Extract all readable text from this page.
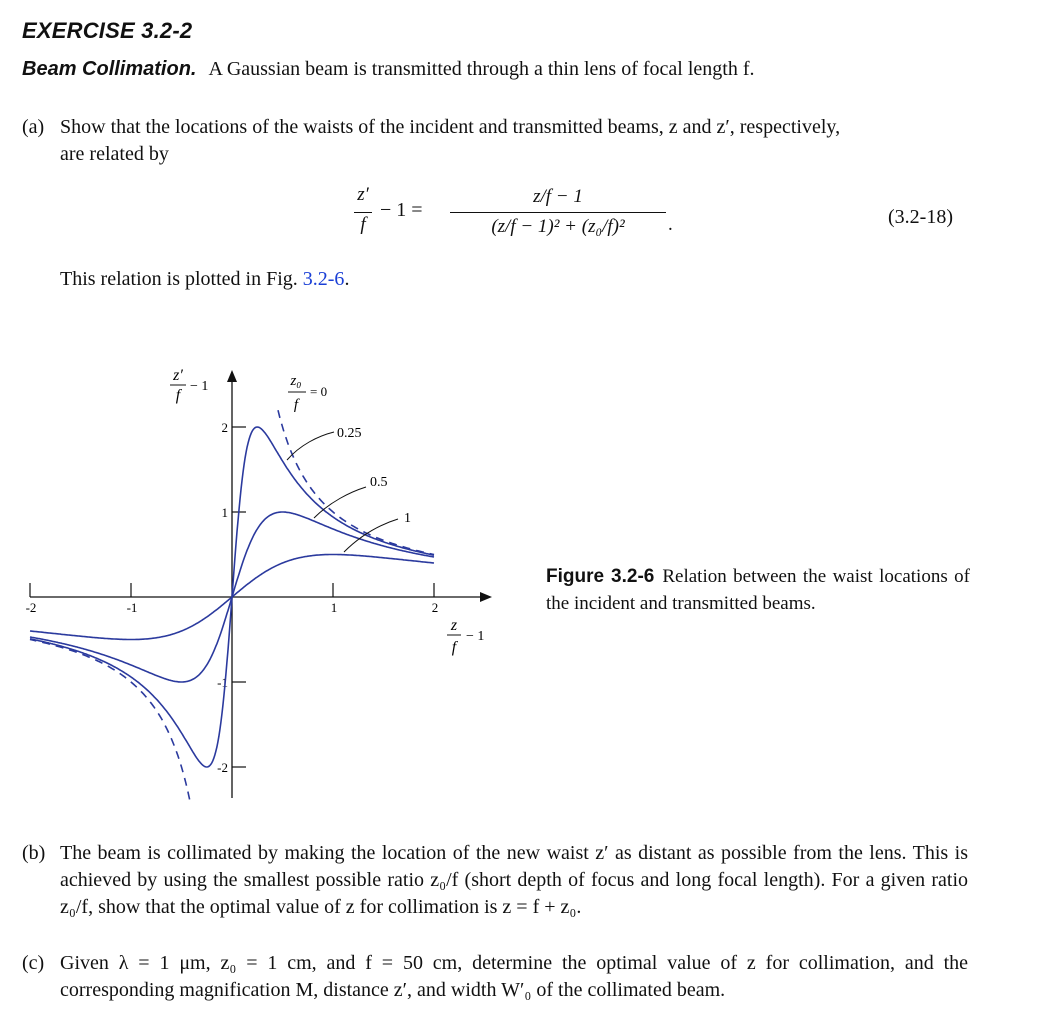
EXERCISE 3.2-2
Beam Collimation. A Gaussian beam is transmitted through a thin lens of focal length f.
(a) Show that the locations of the waists of the incident and transmitted beams, z and z′, respectively,
are related by
z′
f
− 1 =
z/f − 1
(z/f − 1)² + (z₀/f)²	.	(3.2-18)
This relation is plotted in Fig. 3.2-6.
-2	-1	1	2
2
1
-1
-2
z′
f
− 1
z
f
− 1
z₀
f
= 0
0.25
0.5
1
Figure 3.2-6 Relation between the waist locations of the incident and transmitted beams.
(b) The beam is collimated by making the location of the new waist z′ as distant as possible from the lens. This is achieved by using the smallest possible ratio z₀/f (short depth of focus and long focal length). For a given ratio z₀/f, show that the optimal value of z for collimation is z = f + z₀.
(c) Given λ = 1 μm, z₀ = 1 cm, and f = 50 cm, determine the optimal value of z for collimation, and the corresponding magnification M, distance z′, and width W′₀ of the collimated beam.
